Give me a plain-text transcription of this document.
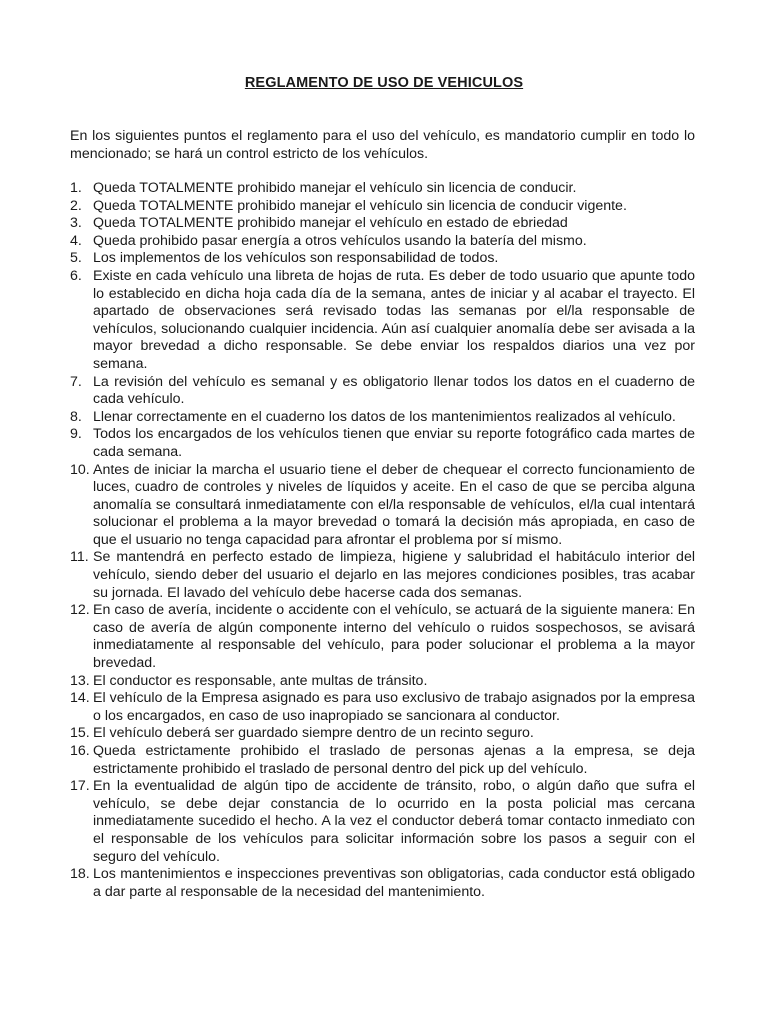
REGLAMENTO DE USO DE VEHICULOS

En los siguientes puntos el reglamento para el uso del vehículo, es mandatorio cumplir en todo lo mencionado; se hará un control estricto de los vehículos.

1. Queda TOTALMENTE prohibido manejar el vehículo sin licencia de conducir.
2. Queda TOTALMENTE prohibido manejar el vehículo sin licencia de conducir vigente.
3. Queda TOTALMENTE prohibido manejar el vehículo en estado de ebriedad
4. Queda prohibido pasar energía a otros vehículos usando la batería del mismo.
5. Los implementos de los vehículos son responsabilidad de todos.
6. Existe en cada vehículo una libreta de hojas de ruta. Es deber de todo usuario que apunte todo lo establecido en dicha hoja cada día de la semana, antes de iniciar y al acabar el trayecto. El apartado de observaciones será revisado todas las semanas por el/la responsable de vehículos, solucionando cualquier incidencia. Aún así cualquier anomalía debe ser avisada a la mayor brevedad a dicho responsable. Se debe enviar los respaldos diarios una vez por semana.
7. La revisión del vehículo es semanal y es obligatorio llenar todos los datos en el cuaderno de cada vehículo.
8. Llenar correctamente en el cuaderno los datos de los mantenimientos realizados al vehículo.
9. Todos los encargados de los vehículos tienen que enviar su reporte fotográfico cada martes de cada semana.
10. Antes de iniciar la marcha el usuario tiene el deber de chequear el correcto funcionamiento de luces, cuadro de controles y niveles de líquidos y aceite. En el caso de que se perciba alguna anomalía se consultará inmediatamente con el/la responsable de vehículos, el/la cual intentará solucionar el problema a la mayor brevedad o tomará la decisión más apropiada, en caso de que el usuario no tenga capacidad para afrontar el problema por sí mismo.
11. Se mantendrá en perfecto estado de limpieza, higiene y salubridad el habitáculo interior del vehículo, siendo deber del usuario el dejarlo en las mejores condiciones posibles, tras acabar su jornada. El lavado del vehículo debe hacerse cada dos semanas.
12. En caso de avería, incidente o accidente con el vehículo, se actuará de la siguiente manera: En caso de avería de algún componente interno del vehículo o ruidos sospechosos, se avisará inmediatamente al responsable del vehículo, para poder solucionar el problema a la mayor brevedad.
13. El conductor es responsable, ante multas de tránsito.
14. El vehículo de la Empresa asignado es para uso exclusivo de trabajo asignados por la empresa o los encargados, en caso de uso inapropiado se sancionara al conductor.
15. El vehículo deberá ser guardado siempre dentro de un recinto seguro.
16. Queda estrictamente prohibido el traslado de personas ajenas a la empresa, se deja estrictamente prohibido el traslado de personal dentro del pick up del vehículo.
17. En la eventualidad de algún tipo de accidente de tránsito, robo, o algún daño que sufra el vehículo, se debe dejar constancia de lo ocurrido en la posta policial mas cercana inmediatamente sucedido el hecho. A la vez el conductor deberá tomar contacto inmediato con el responsable de los vehículos para solicitar información sobre los pasos a seguir con el seguro del vehículo.
18. Los mantenimientos e inspecciones preventivas son obligatorias, cada conductor está obligado a dar parte al responsable de la necesidad del mantenimiento.
